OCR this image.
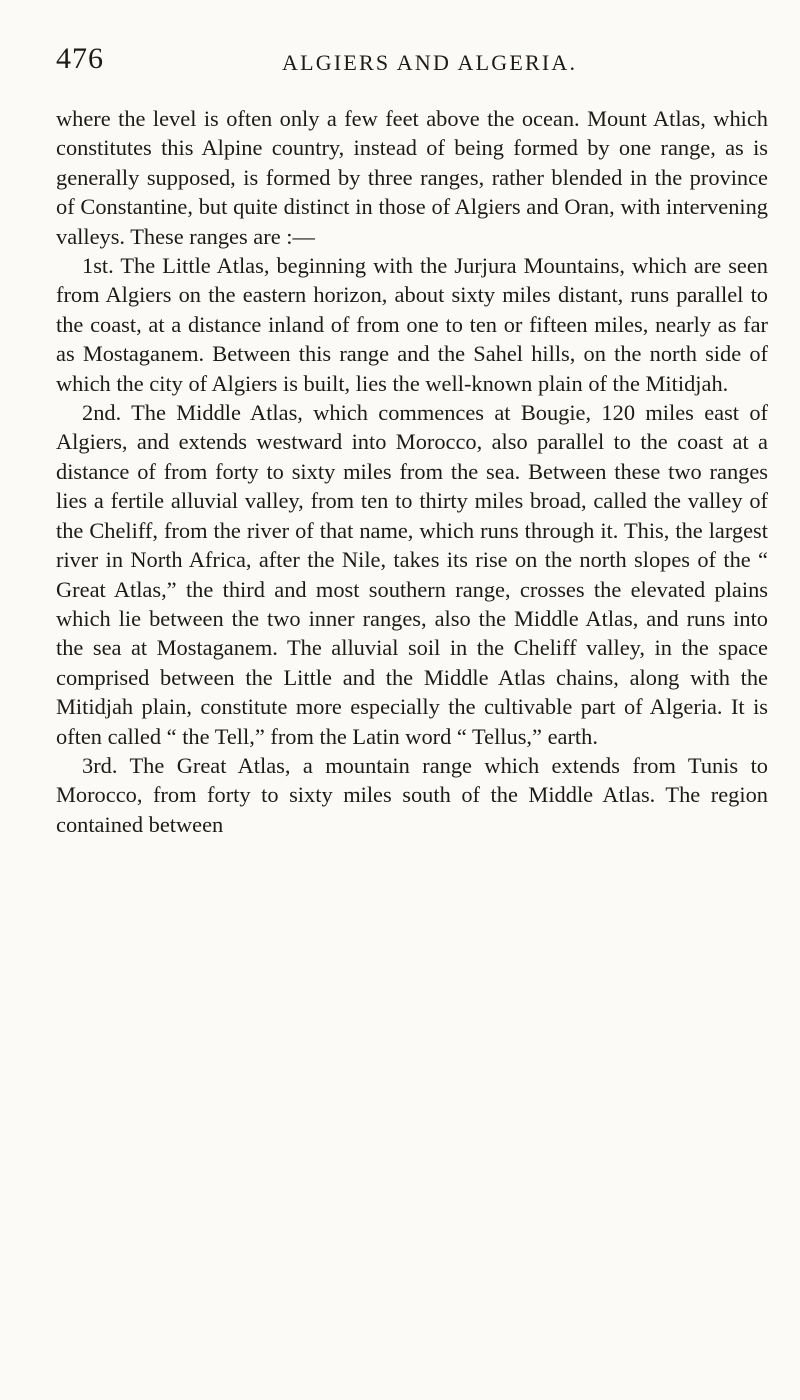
476	ALGIERS AND ALGERIA.

where the level is often only a few feet above the ocean. Mount Atlas, which constitutes this Alpine country, instead of being formed by one range, as is generally supposed, is formed by three ranges, rather blended in the province of Constantine, but quite distinct in those of Algiers and Oran, with intervening valleys. These ranges are :—

1st. The Little Atlas, beginning with the Jurjura Mountains, which are seen from Algiers on the eastern horizon, about sixty miles distant, runs parallel to the coast, at a distance inland of from one to ten or fifteen miles, nearly as far as Mostaganem. Between this range and the Sahel hills, on the north side of which the city of Algiers is built, lies the well-known plain of the Mitidjah.

2nd. The Middle Atlas, which commences at Bougie, 120 miles east of Algiers, and extends westward into Morocco, also parallel to the coast at a distance of from forty to sixty miles from the sea. Between these two ranges lies a fertile alluvial valley, from ten to thirty miles broad, called the valley of the Cheliff, from the river of that name, which runs through it. This, the largest river in North Africa, after the Nile, takes its rise on the north slopes of the “ Great Atlas,” the third and most southern range, crosses the elevated plains which lie between the two inner ranges, also the Middle Atlas, and runs into the sea at Mostaganem. The alluvial soil in the Cheliff valley, in the space comprised between the Little and the Middle Atlas chains, along with the Mitidjah plain, constitute more especially the cultivable part of Algeria. It is often called “ the Tell,” from the Latin word “ Tellus,” earth.

3rd. The Great Atlas, a mountain range which extends from Tunis to Morocco, from forty to sixty miles south of the Middle Atlas. The region contained between
